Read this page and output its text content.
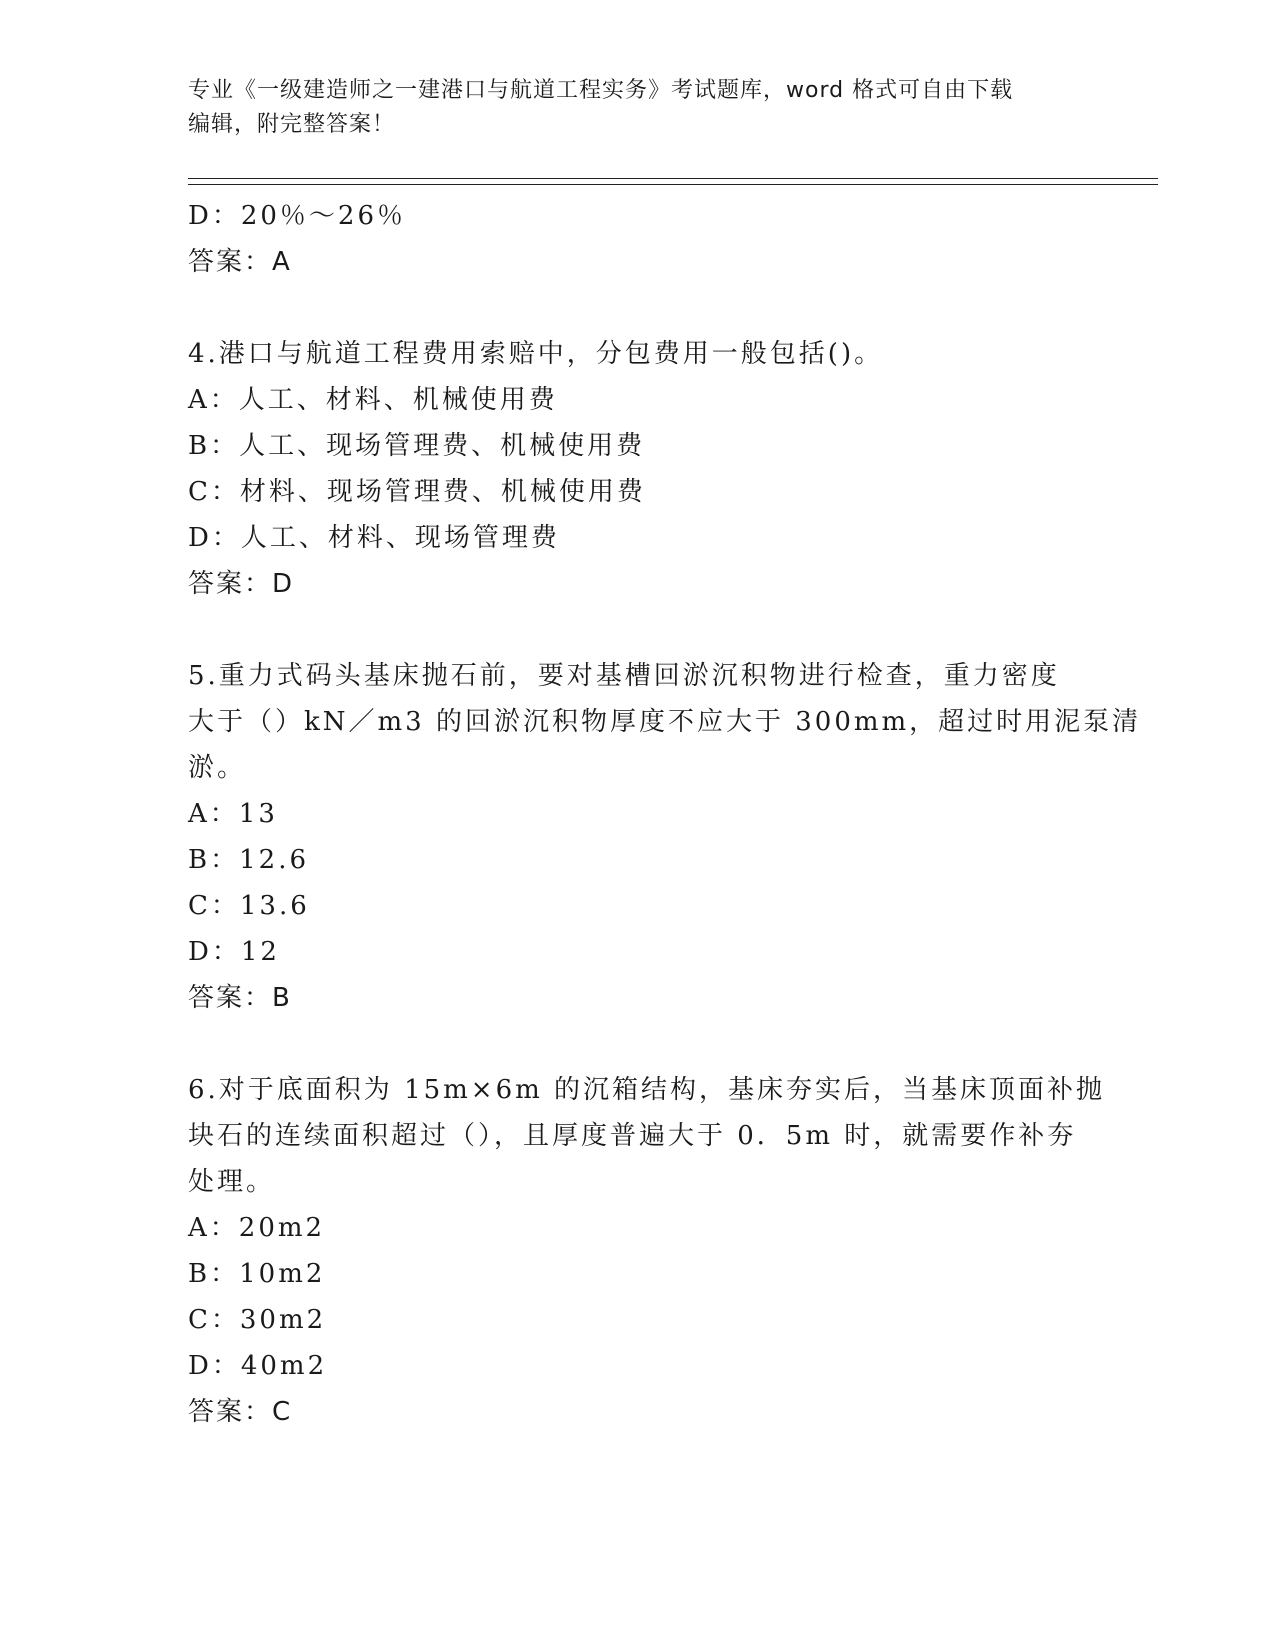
专业《一级建造师之一建港口与航道工程实务》考试题库，word 格式可自由下载
编辑，附完整答案！
D：20％～26％
答案：A
4.港口与航道工程费用索赔中，分包费用一般包括()。
A：人工、材料、机械使用费
B：人工、现场管理费、机械使用费
C：材料、现场管理费、机械使用费
D：人工、材料、现场管理费
答案：D
5.重力式码头基床抛石前，要对基槽回淤沉积物进行检查，重力密度
大于（）kN／m3 的回淤沉积物厚度不应大于 300mm，超过时用泥泵清
淤。
A：13
B：12.6
C：13.6
D：12
答案：B
6.对于底面积为 15m×6m 的沉箱结构，基床夯实后，当基床顶面补抛
块石的连续面积超过（），且厚度普遍大于 0．5m 时，就需要作补夯
处理。
A：20m2
B：10m2
C：30m2
D：40m2
答案：C
